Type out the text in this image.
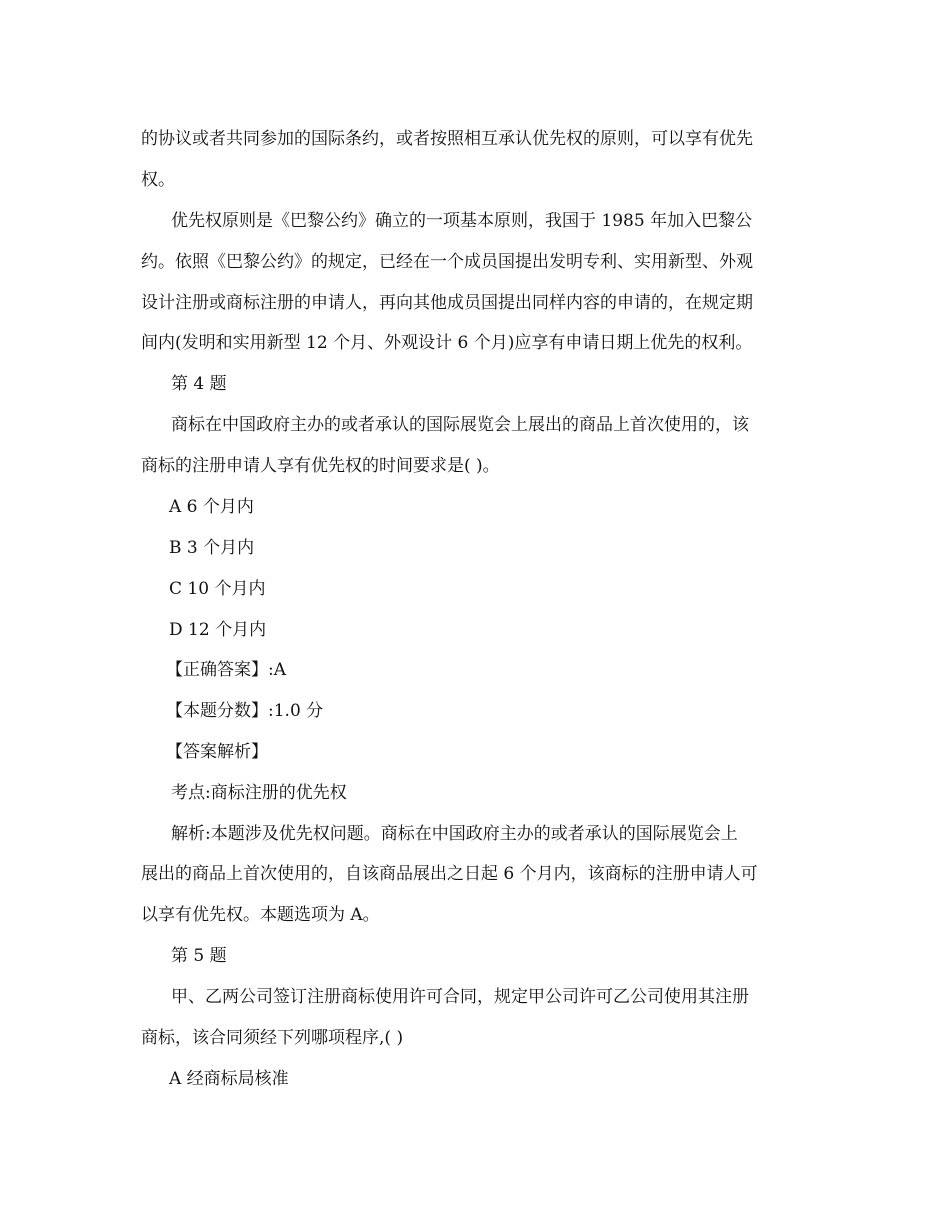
的协议或者共同参加的国际条约，或者按照相互承认优先权的原则，可以享有优先
权。
优先权原则是《巴黎公约》确立的一项基本原则，我国于 1985 年加入巴黎公
约。依照《巴黎公约》的规定，已经在一个成员国提出发明专利、实用新型、外观
设计注册或商标注册的申请人，再向其他成员国提出同样内容的申请的，在规定期
间内(发明和实用新型 12 个月、外观设计 6 个月)应享有申请日期上优先的权利。
第 4 题
商标在中国政府主办的或者承认的国际展览会上展出的商品上首次使用的，该
商标的注册申请人享有优先权的时间要求是( )。
A 6 个月内
B 3 个月内
C 10 个月内
D 12 个月内
【正确答案】:A
【本题分数】:1.0 分
【答案解析】
考点:商标注册的优先权
解析:本题涉及优先权问题。商标在中国政府主办的或者承认的国际展览会上
展出的商品上首次使用的，自该商品展出之日起 6 个月内，该商标的注册申请人可
以享有优先权。本题选项为 A。
第 5 题
甲、乙两公司签订注册商标使用许可合同，规定甲公司许可乙公司使用其注册
商标，该合同须经下列哪项程序,( )
A 经商标局核准
